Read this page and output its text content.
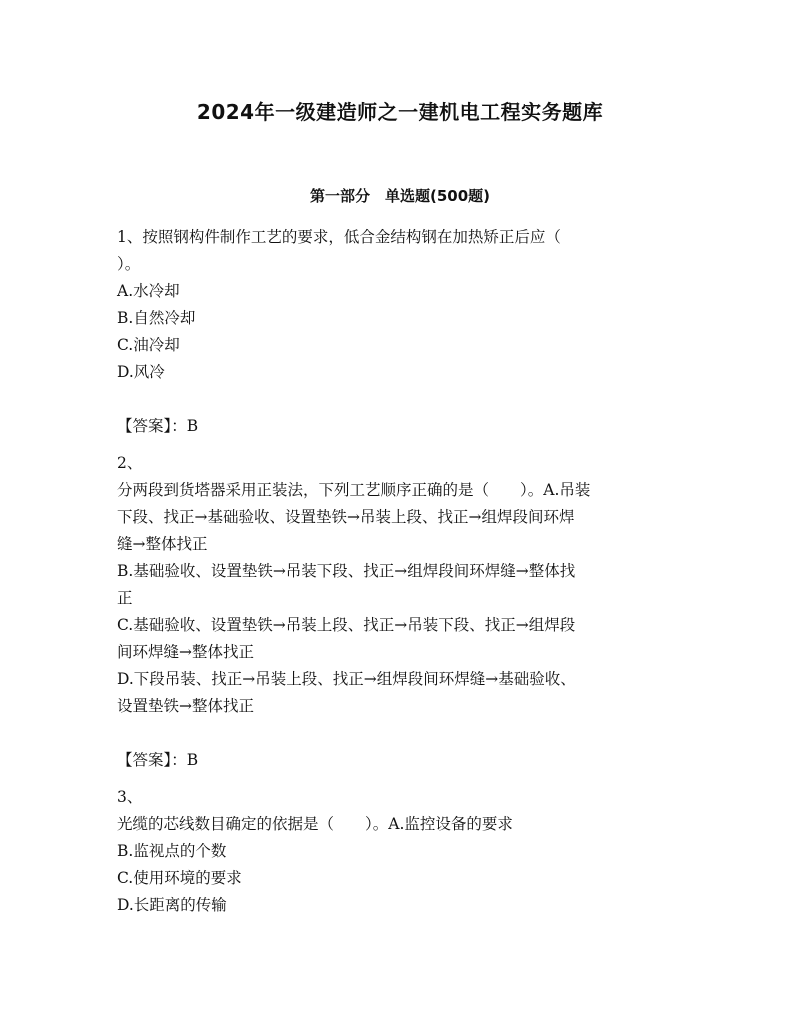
2024年一级建造师之一建机电工程实务题库
第一部分　单选题(500题)

1、按照钢构件制作工艺的要求，低合金结构钢在加热矫正后应（

）。

A.水冷却

B.自然冷却

C.油冷却

D.风冷

【答案】：B

2、

分两段到货塔器采用正装法，下列工艺顺序正确的是（　　）。A.吊装

下段、找正→基础验收、设置垫铁→吊装上段、找正→组焊段间环焊

缝→整体找正

B.基础验收、设置垫铁→吊装下段、找正→组焊段间环焊缝→整体找

正

C.基础验收、设置垫铁→吊装上段、找正→吊装下段、找正→组焊段

间环焊缝→整体找正

D.下段吊装、找正→吊装上段、找正→组焊段间环焊缝→基础验收、

设置垫铁→整体找正

【答案】：B

3、

光缆的芯线数目确定的依据是（　　）。A.监控设备的要求

B.监视点的个数

C.使用环境的要求

D.长距离的传输
